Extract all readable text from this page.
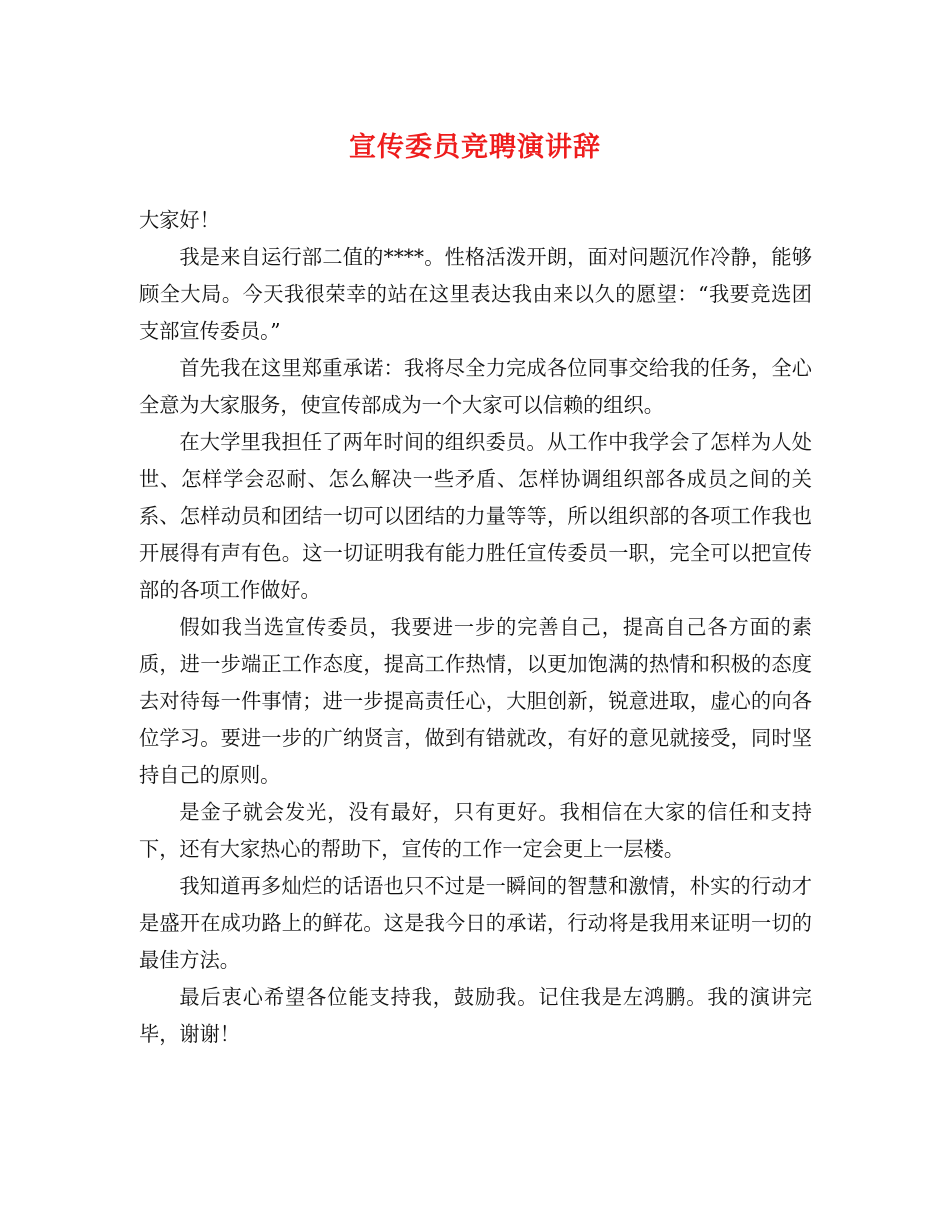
宣传委员竞聘演讲辞

大家好！

我是来自运行部二值的****。性格活泼开朗，面对问题沉作冷静，能够顾全大局。今天我很荣幸的站在这里表达我由来以久的愿望：“我要竞选团支部宣传委员。”

首先我在这里郑重承诺：我将尽全力完成各位同事交给我的任务，全心全意为大家服务，使宣传部成为一个大家可以信赖的组织。

在大学里我担任了两年时间的组织委员。从工作中我学会了怎样为人处世、怎样学会忍耐、怎么解决一些矛盾、怎样协调组织部各成员之间的关系、怎样动员和团结一切可以团结的力量等等，所以组织部的各项工作我也开展得有声有色。这一切证明我有能力胜任宣传委员一职，完全可以把宣传部的各项工作做好。

假如我当选宣传委员，我要进一步的完善自己，提高自己各方面的素质，进一步端正工作态度，提高工作热情，以更加饱满的热情和积极的态度去对待每一件事情；进一步提高责任心，大胆创新，锐意进取，虚心的向各位学习。要进一步的广纳贤言，做到有错就改，有好的意见就接受，同时坚持自己的原则。

是金子就会发光，没有最好，只有更好。我相信在大家的信任和支持下，还有大家热心的帮助下，宣传的工作一定会更上一层楼。

我知道再多灿烂的话语也只不过是一瞬间的智慧和激情，朴实的行动才是盛开在成功路上的鲜花。这是我今日的承诺，行动将是我用来证明一切的最佳方法。

最后衷心希望各位能支持我，鼓励我。记住我是左鸿鹏。我的演讲完毕，谢谢！
